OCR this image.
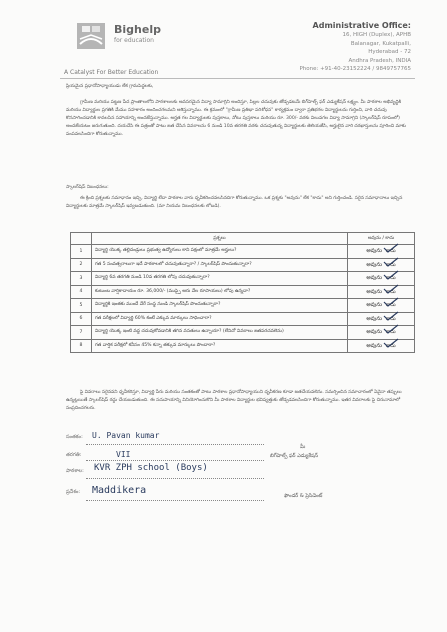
Bighelp
for education
A Catalyst For Better Education
Administrative Office:
16, HIGH (Duplex), APHB
Balanagar, Kukatpalli,
Hyderabad - 72
Andhra Pradesh, INDIA
Phone: +91-40-23152224 / 9849757765
ప్రియమైన ప్రధానోపాధ్యాయుడు లేక గ్రామపెద్దలకు,
గ్రామీణ మరియు పట్టణ పేద ప్రాంతాలలోని పాఠశాలలకు అవసరమైన విద్యా సామాగ్రిని అందిస్తూ, పిల్లల చదువుకు తోడ్పడటమే బిగ్‌హెల్ప్ ఫర్ ఎడ్యుకేషన్ లక్ష్యం. మీ పాఠశాల అభివృద్ధికి మరియు విద్యార్థుల ప్రగతికి మేము సహకారం అందించగలమని ఆశిస్తున్నాము. ఈ క్రమంలో "గ్రామీణ ప్రతిభా పరిశోధన" కార్యక్రమం ద్వారా ప్రతిభగల విద్యార్థులను గుర్తించి, వారి చదువు కొనసాగించడానికి కావలసిన సహాయాన్ని అందజేస్తున్నాము. అర్హత గల విద్యార్థులకు పుస్తకాలు, నోటు పుస్తకాలు మరియు రూ. 300/- వరకు విలువగల విద్యా సామాగ్రిని (స్కాలర్‌షిప్ రూపంలో) అందజేయటం జరుగుతుంది. దయచేసి ఈ పత్రంతో పాటు జత చేసిన వివరాలను 6 నుండి 10వ తరగతి వరకు చదువుతున్న విద్యార్థులకు తెలియజేసి, అర్హులైన వారి దరఖాస్తులను పూరించి మాకు పంపవలసిందిగా కోరుతున్నాము.
స్కాలర్‌షిప్ నిబంధనలు:
ఈ క్రింది ప్రశ్నలకు సమాధానం ఇచ్చి, విద్యార్థి లేదా పాఠశాల వారు ధృవీకరించవలసినదిగా కోరుతున్నాము. ఒక ప్రశ్నకు "అవును" లేక "కాదు" అని గుర్తించండి. సరైన సమాధానాలు ఇచ్చిన విద్యార్థులకు మాత్రమే స్కాలర్‌షిప్ ఇవ్వబడుతుంది. (మా నియమ నిబంధనలకు లోబడి).
	ప్రశ్నలు	అవును / కాదు
1	విద్యార్థి యొక్క తల్లిదండ్రులు ప్రభుత్వ ఉద్యోగులు కాని పక్షంలో మాత్రమే అర్హులు?	అవును కాదు

2	గత 5 సంవత్సరాలుగా ఇదే పాఠశాలలో చదువుతున్నారా? / స్కాలర్‌షిప్ పొందుతున్నారా?	అవును కాదు

3	విద్యార్థి 6వ తరగతి నుండి 10వ తరగతి లోపు చదువుతున్నారా?	అవును కాదు

4	కుటుంబ వార్షికాదాయం రూ. 36,000/- (ముప్పై ఆరు వేల రూపాయలు) లోపు ఉన్నదా?	అవును కాదు

5	విద్యార్థికి ఇంతకు ముందే వేరే సంస్థ నుండి స్కాలర్‌షిప్ పొందుతున్నారా?	అవును కాదు

6	గత పరీక్షలలో విద్యార్థి 60% కంటే ఎక్కువ మార్కులు సాధించారా?	అవును కాదు

7	విద్యార్థి యొక్క ఇంటి వద్ద చదువుకోవడానికి తగిన వసతులు ఉన్నాయా? (లేనిచో వివరాలు జతపరచవలెను)	అవును కాదు

8	గత వార్షిక పరీక్షలో కనీసం 45% కన్నా తక్కువ మార్కులు పొందారా?	అవును కాదు
పై వివరాలు సరైనవని ధృవీకరిస్తూ, విద్యార్థి పేరు మరియు సంతకంతో పాటు పాఠశాల ప్రధానోపాధ్యాయుని ధృవీకరణ కూడా జతచేయవలెను. సమర్పించిన సమాచారంలో ఏవైనా తప్పులు ఉన్నట్లయితే స్కాలర్‌షిప్ రద్దు చేయబడుతుంది. ఈ సదుపాయాన్ని వినియోగించుకొని మీ పాఠశాల విద్యార్థుల భవిష్యత్తుకు తోడ్పడవలసిందిగా కోరుతున్నాము. ఇతర వివరాలకు పై చిరునామాలో సంప్రదించగలరు.
సంతకం: U. Pavan kumar
తరగతి:	VII
పాఠశాల: KVR ZPH school (Boys)
ప్రదేశం: Maddikera
మీ
బిగ్‌హెల్ప్ ఫర్ ఎడ్యుకేషన్
ఫౌండర్ & ప్రెసిడెంట్
